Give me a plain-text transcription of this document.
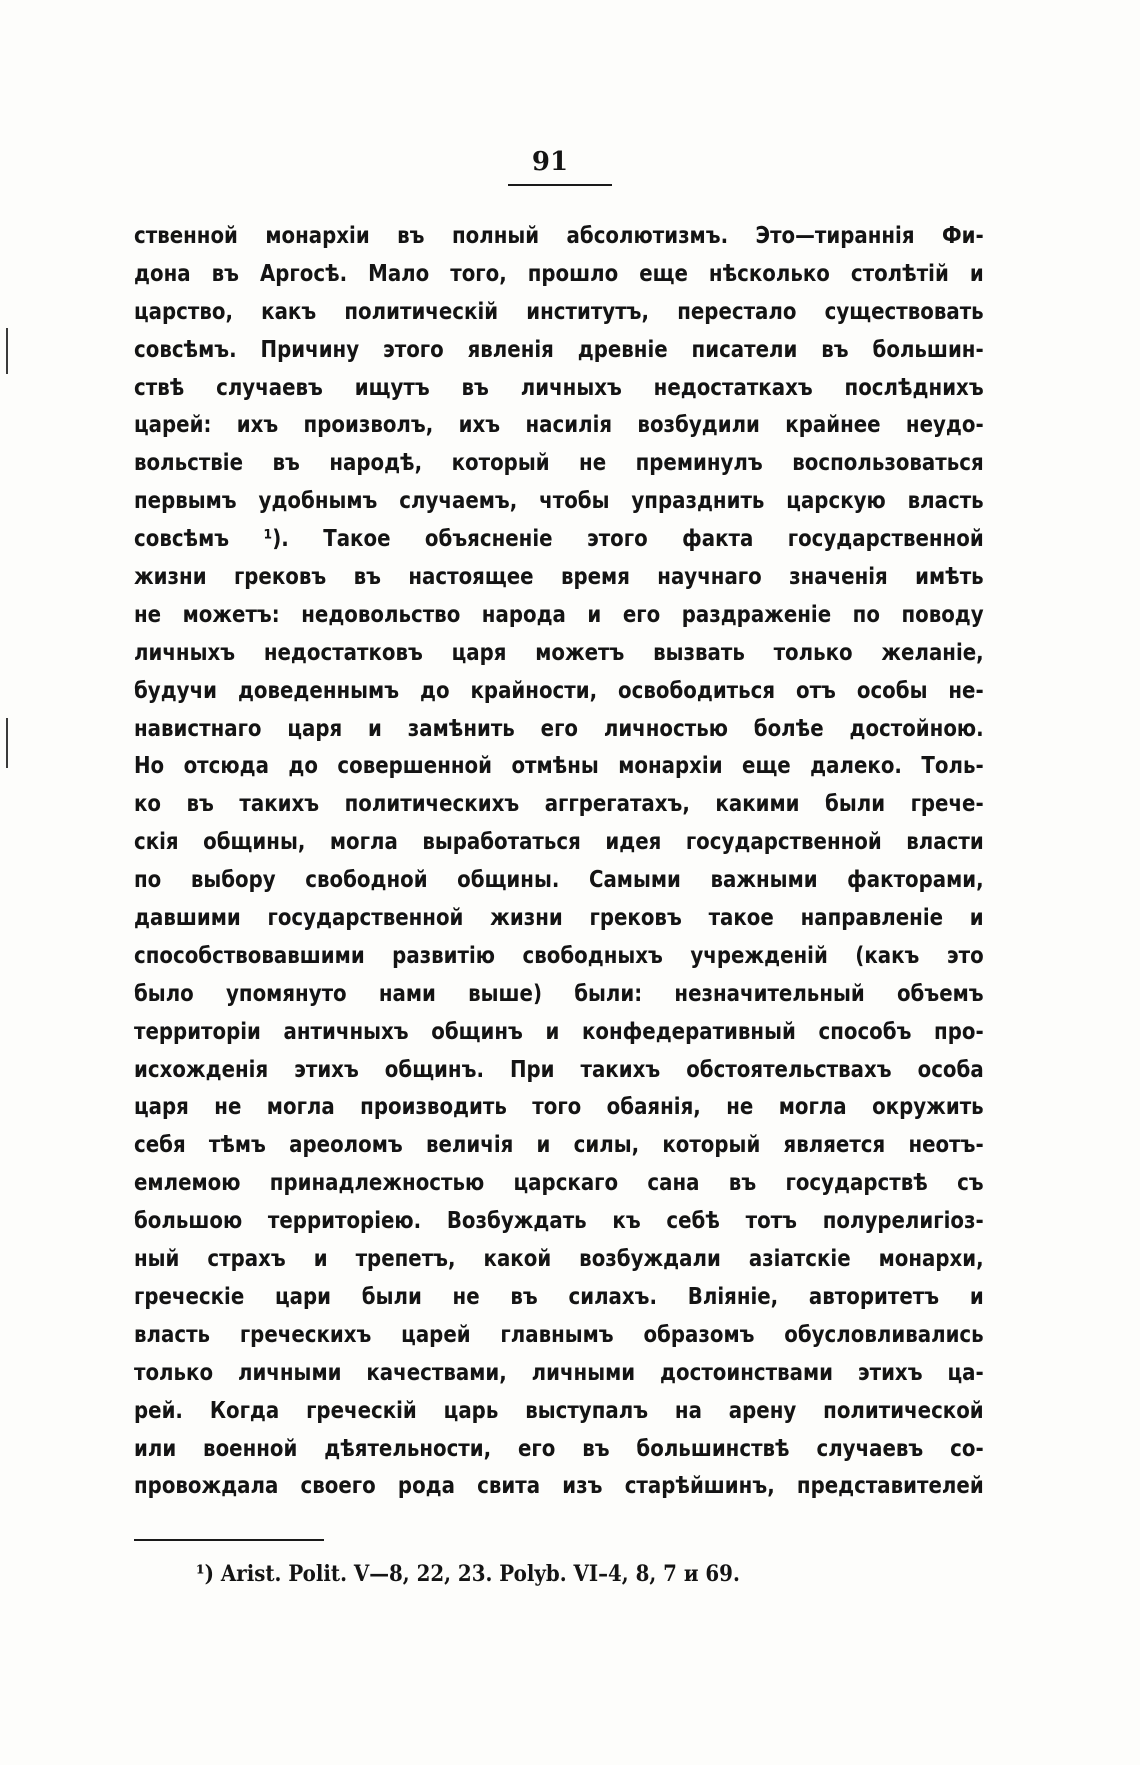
91
ственной монархіи въ полный абсолютизмъ. Это—тираннія Фи-
дона въ Аргосѣ. Мало того, прошло еще нѣсколько столѣтій и
царство, какъ политическій институтъ, перестало существовать
совсѣмъ. Причину этого явленія древніе писатели въ большин-
ствѣ случаевъ ищутъ въ личныхъ недостаткахъ послѣднихъ
царей: ихъ произволъ, ихъ насилія возбудили крайнее неудо-
вольствіе въ народѣ, который не преминулъ воспользоваться
первымъ удобнымъ случаемъ, чтобы упразднить царскую власть
совсѣмъ ¹). Такое объясненіе этого факта государственной
жизни грековъ въ настоящее время научнаго значенія имѣть
не можетъ: недовольство народа и его раздраженіе по поводу
личныхъ недостатковъ царя можетъ вызвать только желаніе,
будучи доведеннымъ до крайности, освободиться отъ особы не-
навистнаго царя и замѣнить его личностью болѣе достойною.
Но отсюда до совершенной отмѣны монархіи еще далеко. Толь-
ко въ такихъ политическихъ аггрегатахъ, какими были грече-
скія общины, могла выработаться идея государственной власти
по выбору свободной общины. Самыми важными факторами,
давшими государственной жизни грековъ такое направленіе и
способствовавшими развитію свободныхъ учрежденій (какъ это
было упомянуто нами выше) были: незначительный объемъ
территоріи античныхъ общинъ и конфедеративный способъ про-
исхожденія этихъ общинъ. При такихъ обстоятельствахъ особа
царя не могла производить того обаянія, не могла окружить
себя тѣмъ ареоломъ величія и силы, который является неотъ-
емлемою принадлежностью царскаго сана въ государствѣ съ
большою территоріею. Возбуждать къ себѣ тотъ полурелигіоз-
ный страхъ и трепетъ, какой возбуждали азіатскіе монархи,
греческіе цари были не въ силахъ. Вліяніе, авторитетъ и
власть греческихъ царей главнымъ образомъ обусловливались
только личными качествами, личными достоинствами этихъ ца-
рей. Когда греческій царь выступалъ на арену политической
или военной дѣятельности, его въ большинствѣ случаевъ со-
провождала своего рода свита изъ старѣйшинъ, представителей
¹) Arist. Polit. V—8, 22, 23. Polyb. VI–4, 8, 7 и 69.
